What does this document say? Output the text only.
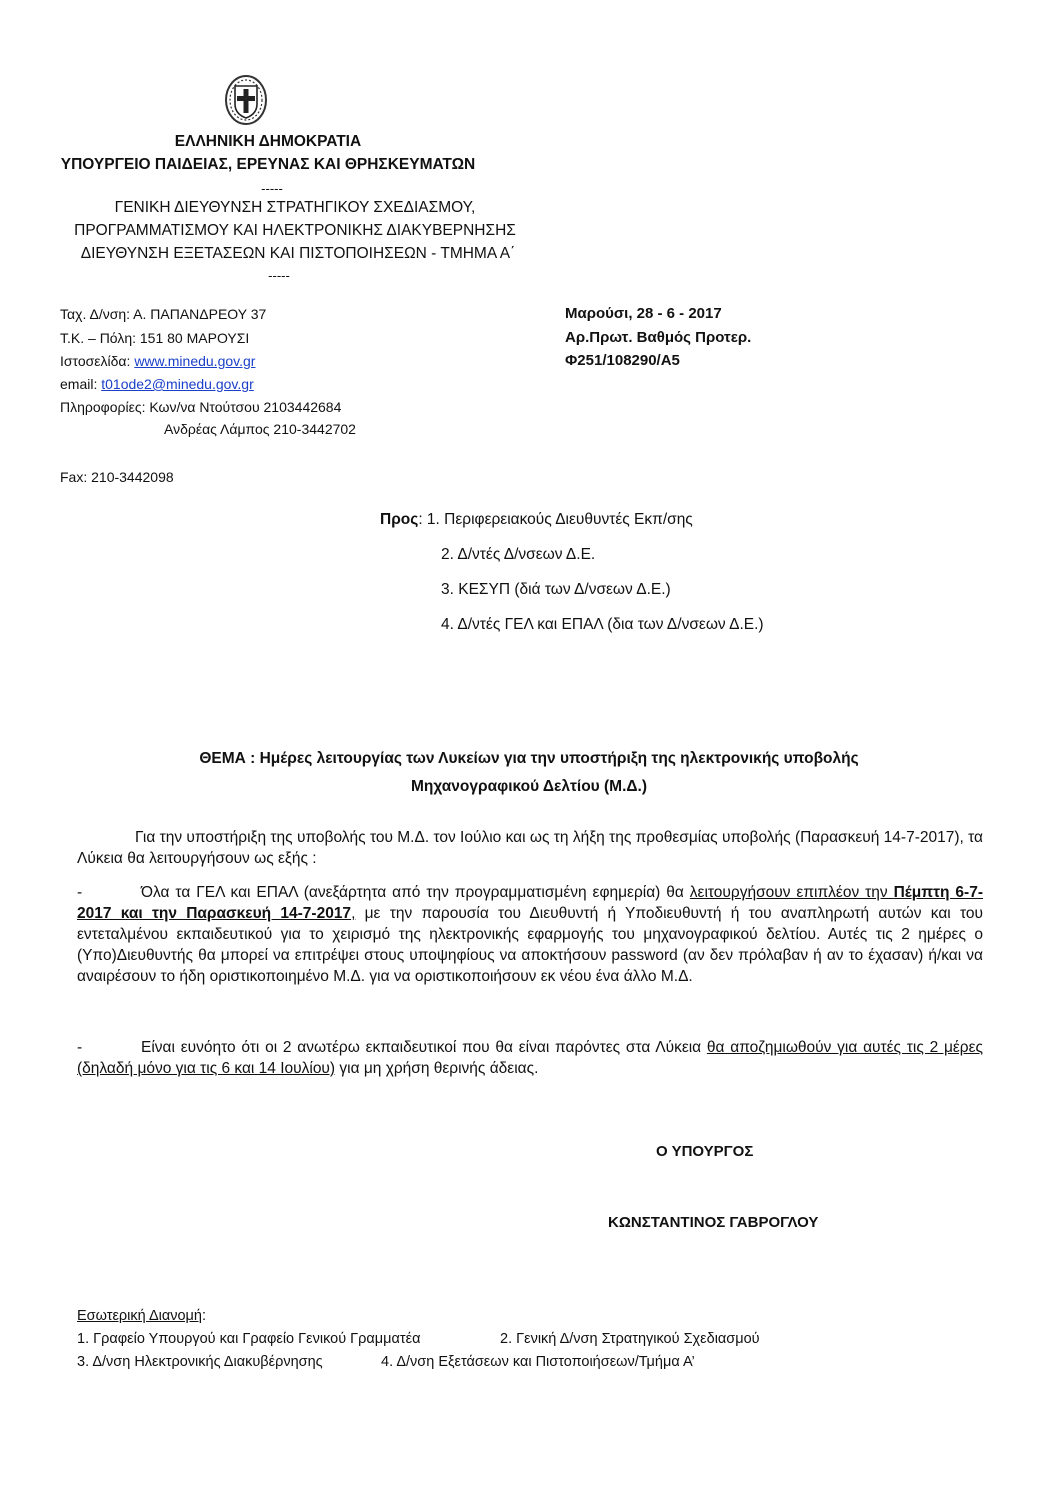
ΕΛΛΗΝΙΚΗ ΔΗΜΟΚΡΑΤΙΑ
ΥΠΟΥΡΓΕΙΟ ΠΑΙΔΕΙΑΣ, ΕΡΕΥΝΑΣ ΚΑΙ ΘΡΗΣΚΕΥΜΑΤΩΝ
-----
ΓΕΝΙΚΗ ΔΙΕΥΘΥΝΣΗ ΣΤΡΑΤΗΓΙΚΟΥ ΣΧΕΔΙΑΣΜΟΥ,
ΠΡΟΓΡΑΜΜΑΤΙΣΜΟΥ ΚΑΙ ΗΛΕΚΤΡΟΝΙΚΗΣ ΔΙΑΚΥΒΕΡΝΗΣΗΣ
ΔΙΕΥΘΥΝΣΗ ΕΞΕΤΑΣΕΩΝ ΚΑΙ ΠΙΣΤΟΠΟΙΗΣΕΩΝ - ΤΜΗΜΑ Α΄
-----
Ταχ. Δ/νση: Α. ΠΑΠΑΝΔΡΕΟΥ 37
Τ.Κ. – Πόλη: 151 80 ΜΑΡΟΥΣΙ
Ιστοσελίδα: www.minedu.gov.gr
email: t01ode2@minedu.gov.gr
Πληροφορίες: Κων/να Ντούτσου 2103442684
Ανδρέας Λάμπος 210-3442702
Fax: 210-3442098
Μαρούσι, 28 - 6 - 2017
Αρ.Πρωτ. Βαθμός Προτερ.
Φ251/108290/Α5
Προς: 1. Περιφερειακούς Διευθυντές Εκπ/σης
2. Δ/ντές Δ/νσεων Δ.Ε.
3. ΚΕΣΥΠ (διά των Δ/νσεων Δ.Ε.)
4. Δ/ντές ΓΕΛ και ΕΠΑΛ (δια των Δ/νσεων Δ.Ε.)
ΘΕΜΑ : Ημέρες λειτουργίας των Λυκείων για την υποστήριξη της ηλεκτρονικής υποβολής
Μηχανογραφικού Δελτίου (Μ.Δ.)
Για την υποστήριξη της υποβολής του Μ.Δ. τον Ιούλιο και ως τη λήξη της προθεσμίας υποβολής (Παρασκευή 14-7-2017), τα Λύκεια θα λειτουργήσουν ως εξής :
-	Όλα τα ΓΕΛ και ΕΠΑΛ (ανεξάρτητα από την προγραμματισμένη εφημερία) θα λειτουργήσουν επιπλέον την Πέμπτη 6-7-2017 και την Παρασκευή 14-7-2017, με την παρουσία του Διευθυντή ή Υποδιευθυντή ή του αναπληρωτή αυτών και του εντεταλμένου εκπαιδευτικού για το χειρισμό της ηλεκτρονικής εφαρμογής του μηχανογραφικού δελτίου. Αυτές τις 2 ημέρες ο (Υπο)Διευθυντής θα μπορεί να επιτρέψει στους υποψηφίους να αποκτήσουν password (αν δεν πρόλαβαν ή αν το έχασαν) ή/και να αναιρέσουν το ήδη οριστικοποιημένο Μ.Δ. για να οριστικοποιήσουν εκ νέου ένα άλλο Μ.Δ.
-	Είναι ευνόητο ότι οι 2 ανωτέρω εκπαιδευτικοί που θα είναι παρόντες στα Λύκεια θα αποζημιωθούν για αυτές τις 2 μέρες (δηλαδή μόνο για τις 6 και 14 Ιουλίου) για μη χρήση θερινής άδειας.
Ο ΥΠΟΥΡΓΟΣ
ΚΩΝΣΤΑΝΤΙΝΟΣ ΓΑΒΡΟΓΛΟΥ
Εσωτερική Διανομή:
1. Γραφείο Υπουργού και Γραφείο Γενικού Γραμματέα	2. Γενική Δ/νση Στρατηγικού Σχεδιασμού
3. Δ/νση Ηλεκτρονικής Διακυβέρνησης	4. Δ/νση Εξετάσεων και Πιστοποιήσεων/Τμήμα Α’
